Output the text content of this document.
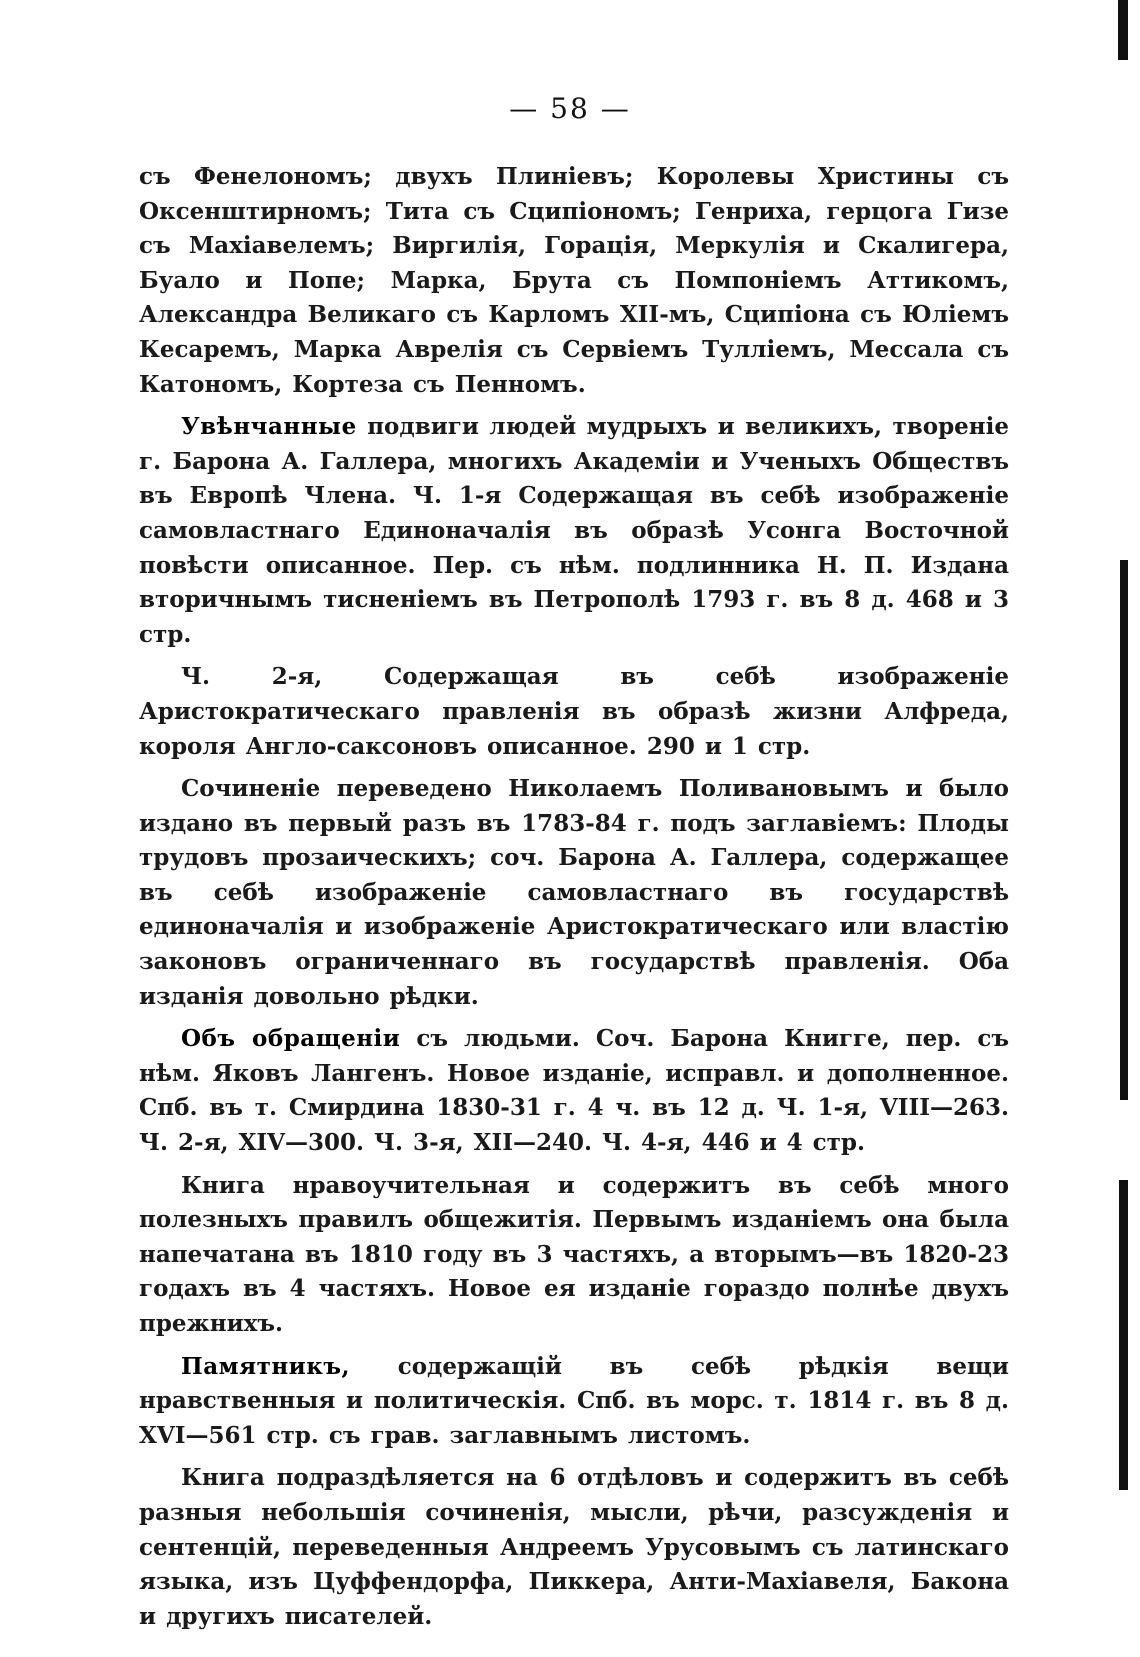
— 58 —

съ Фенелономъ; двухъ Плиніевъ; Королевы Христины съ Оксенштирномъ; Тита съ Сципіономъ; Генриха, герцога Гизе съ Махіавелемъ; Виргилія, Горація, Меркулія и Скалигера, Буало и Попе; Марка, Брута съ Помпоніемъ Аттикомъ, Александра Великаго съ Карломъ XII-мъ, Сципіона съ Юліемъ Кесаремъ, Марка Аврелія съ Сервіемъ Тулліемъ, Мессала съ Катономъ, Кортеза съ Пенномъ.

Увѣнчанные подвиги людей мудрыхъ и великихъ, твореніе г. Барона А. Галлера, многихъ Академіи и Ученыхъ Обществъ въ Европѣ Члена. Ч. 1-я Содержащая въ себѣ изображеніе самовластнаго Единоначалія въ образѣ Усонга Восточной повѣсти описанное. Пер. съ нѣм. подлинника Н. П. Издана вторичнымъ тисненіемъ въ Петрополѣ 1793 г. въ 8 д. 468 и 3 стр.

Ч. 2-я, Содержащая въ себѣ изображеніе Аристократическаго правленія въ образѣ жизни Алфреда, короля Англо-саксоновъ описанное. 290 и 1 стр.

Сочиненіе переведено Николаемъ Поливановымъ и было издано въ первый разъ въ 1783-84 г. подъ заглавіемъ: Плоды трудовъ прозаическихъ; соч. Барона А. Галлера, содержащее въ себѣ изображеніе самовластнаго въ государствѣ единоначалія и изображеніе Аристократическаго или властію законовъ ограниченнаго въ государствѣ правленія. Оба изданія довольно рѣдки.

Объ обращеніи съ людьми. Соч. Барона Книгге, пер. съ нѣм. Яковъ Лангенъ. Новое изданіе, исправл. и дополненное. Спб. въ т. Смирдина 1830-31 г. 4 ч. въ 12 д. Ч. 1-я, VIII—263. Ч. 2-я, XIV—300. Ч. 3-я, XII—240. Ч. 4-я, 446 и 4 стр.

Книга нравоучительная и содержитъ въ себѣ много полезныхъ правилъ общежитія. Первымъ изданіемъ она была напечатана въ 1810 году въ 3 частяхъ, а вторымъ—въ 1820-23 годахъ въ 4 частяхъ. Новое ея изданіе гораздо полнѣе двухъ прежнихъ.

Памятникъ, содержащій въ себѣ рѣдкія вещи нравственныя и политическія. Спб. въ морс. т. 1814 г. въ 8 д. XVI—561 стр. съ грав. заглавнымъ листомъ.

Книга подраздѣляется на 6 отдѣловъ и содержитъ въ себѣ разныя небольшія сочиненія, мысли, рѣчи, разсужденія и сентенцій, переведенныя Андреемъ Урусовымъ съ латинскаго языка, изъ Цуффендорфа, Пиккера, Анти-Махіавеля, Бакона и другихъ писателей.
